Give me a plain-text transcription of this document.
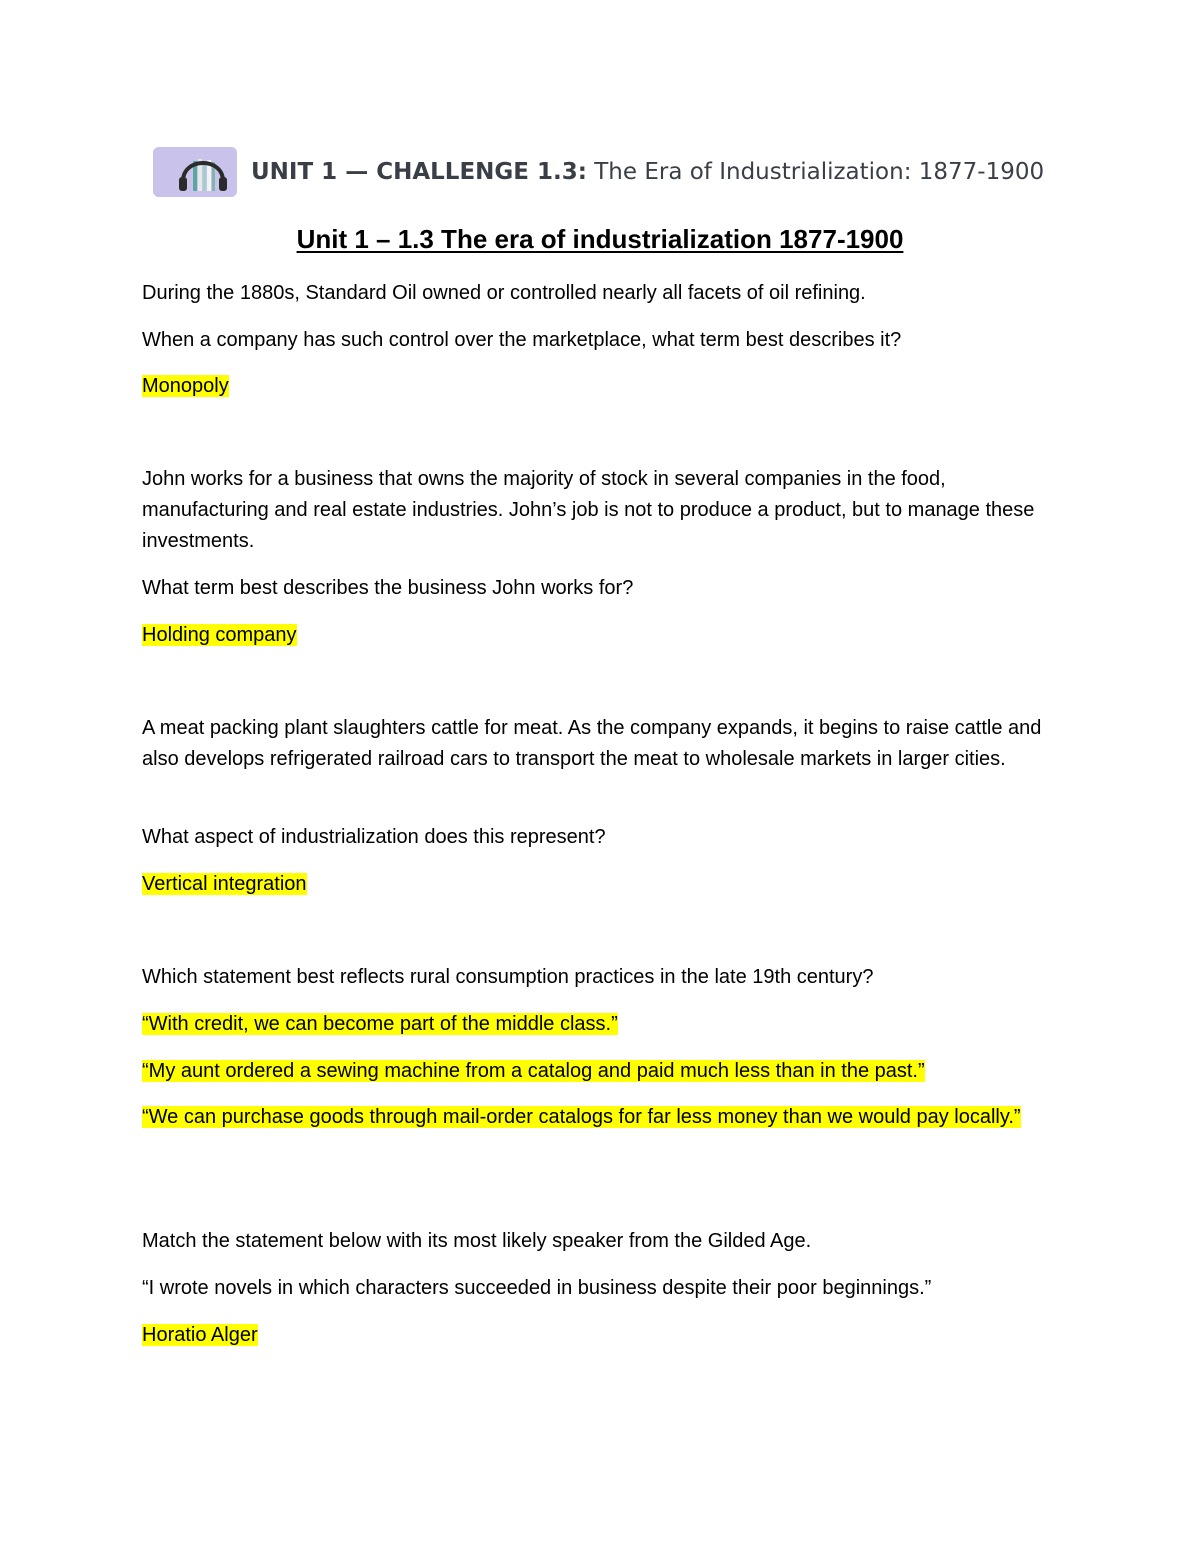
UNIT 1 — CHALLENGE 1.3: The Era of Industrialization: 1877-1900
Unit 1 – 1.3 The era of industrialization 1877-1900

During the 1880s, Standard Oil owned or controlled nearly all facets of oil refining.

When a company has such control over the marketplace, what term best describes it?

Monopoly

John works for a business that owns the majority of stock in several companies in the food, manufacturing and real estate industries. John’s job is not to produce a product, but to manage these investments.

What term best describes the business John works for?

Holding company

A meat packing plant slaughters cattle for meat. As the company expands, it begins to raise cattle and also develops refrigerated railroad cars to transport the meat to wholesale markets in larger cities.

What aspect of industrialization does this represent?

Vertical integration

Which statement best reflects rural consumption practices in the late 19th century?

“With credit, we can become part of the middle class.”

“My aunt ordered a sewing machine from a catalog and paid much less than in the past.”

“We can purchase goods through mail-order catalogs for far less money than we would pay locally.”

Match the statement below with its most likely speaker from the Gilded Age.

“I wrote novels in which characters succeeded in business despite their poor beginnings.”

Horatio Alger
